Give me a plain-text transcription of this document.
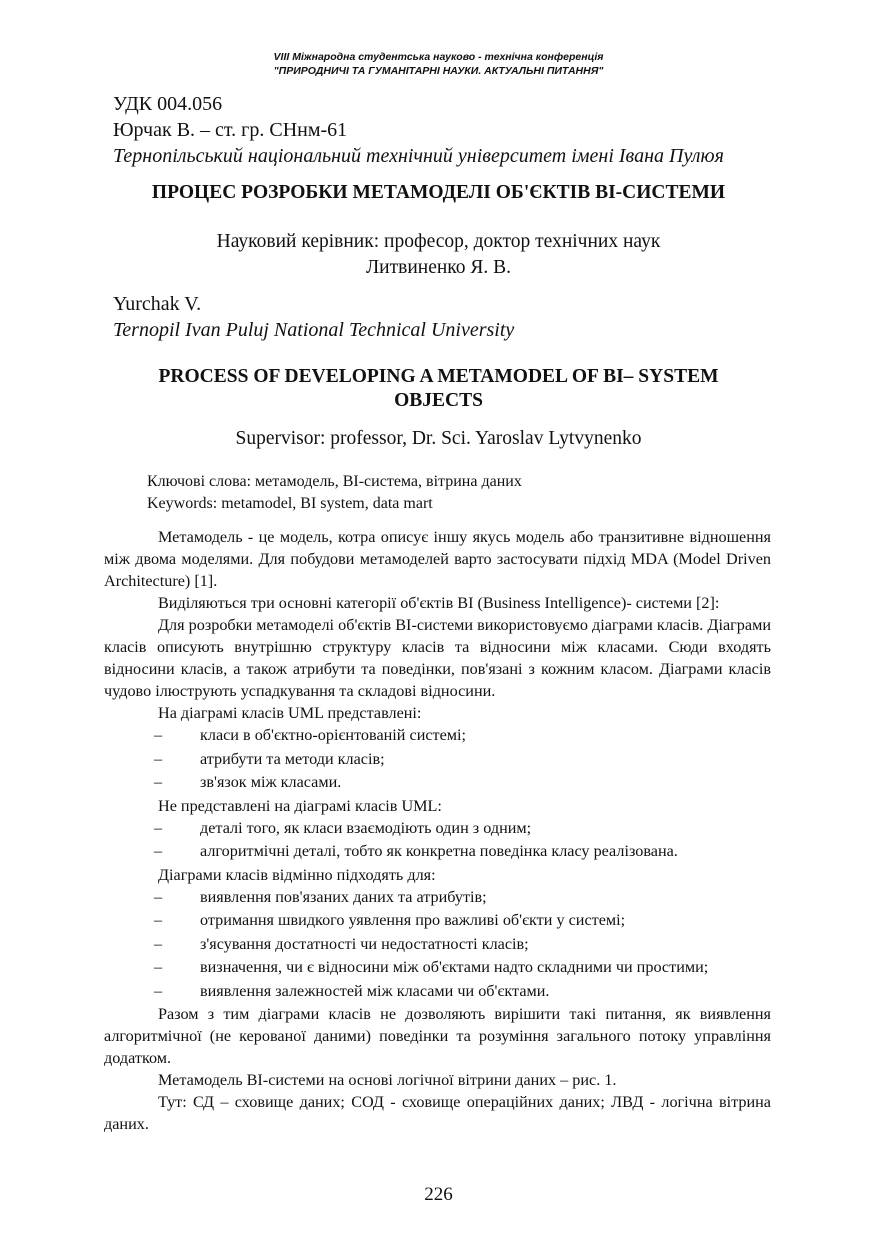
VIII Міжнародна студентська науково - технічна конференція
"ПРИРОДНИЧІ ТА ГУМАНІТАРНІ НАУКИ. АКТУАЛЬНІ ПИТАННЯ"
УДК 004.056
Юрчак В. – ст. гр. СНнм-61
Тернопільський національний технічний університет імені Івана Пулюя
ПРОЦЕС РОЗРОБКИ МЕТАМОДЕЛІ ОБ'ЄКТІВ ВІ-СИСТЕМИ
Науковий керівник: професор, доктор технічних наук
Литвиненко Я. В.
Yurchak V.
Ternopil Ivan Puluj National Technical University
PROCESS OF DEVELOPING A METAMODEL OF BI– SYSTEM
OBJECTS
Supervisor: professor, Dr. Sci. Yaroslav Lytvynenko
Ключові слова: метамодель, ВІ-система, вітрина даних
Keywords: metamodel, BI system, data mart

Метамодель - це модель, котра описує іншу якусь модель або транзитивне відношення між двома моделями. Для побудови метамоделей варто застосувати підхід MDA (Model Driven Architecture) [1].

Виділяються три основні категорії об'єктів ВІ (Business Intelligence)- системи [2]:

Для розробки метамоделі об'єктів ВІ-системи використовуємо діаграми класів. Діаграми класів описують внутрішню структуру класів та відносини між класами. Сюди входять відносини класів, а також атрибути та поведінки, пов'язані з кожним класом. Діаграми класів чудово ілюструють успадкування та складові відносини.

На діаграмі класів UML представлені:

– класи в об'єктно-орієнтованій системі;

– атрибути та методи класів;

– зв'язок між класами.

Не представлені на діаграмі класів UML:

– деталі того, як класи взаємодіють один з одним;

– алгоритмічні деталі, тобто як конкретна поведінка класу реалізована.

Діаграми класів відмінно підходять для:

– виявлення пов'язаних даних та атрибутів;

– отримання швидкого уявлення про важливі об'єкти у системі;

– з'ясування достатності чи недостатності класів;

– визначення, чи є відносини між об'єктами надто складними чи простими;

– виявлення залежностей між класами чи об'єктами.

Разом з тим діаграми класів не дозволяють вирішити такі питання, як виявлення алгоритмічної (не керованої даними) поведінки та розуміння загального потоку управління додатком.

Метамодель ВІ-системи на основі логічної вітрини даних – рис. 1.

Тут: СД – сховище даних; СОД - сховище операційних даних; ЛВД - логічна вітрина даних.

226
